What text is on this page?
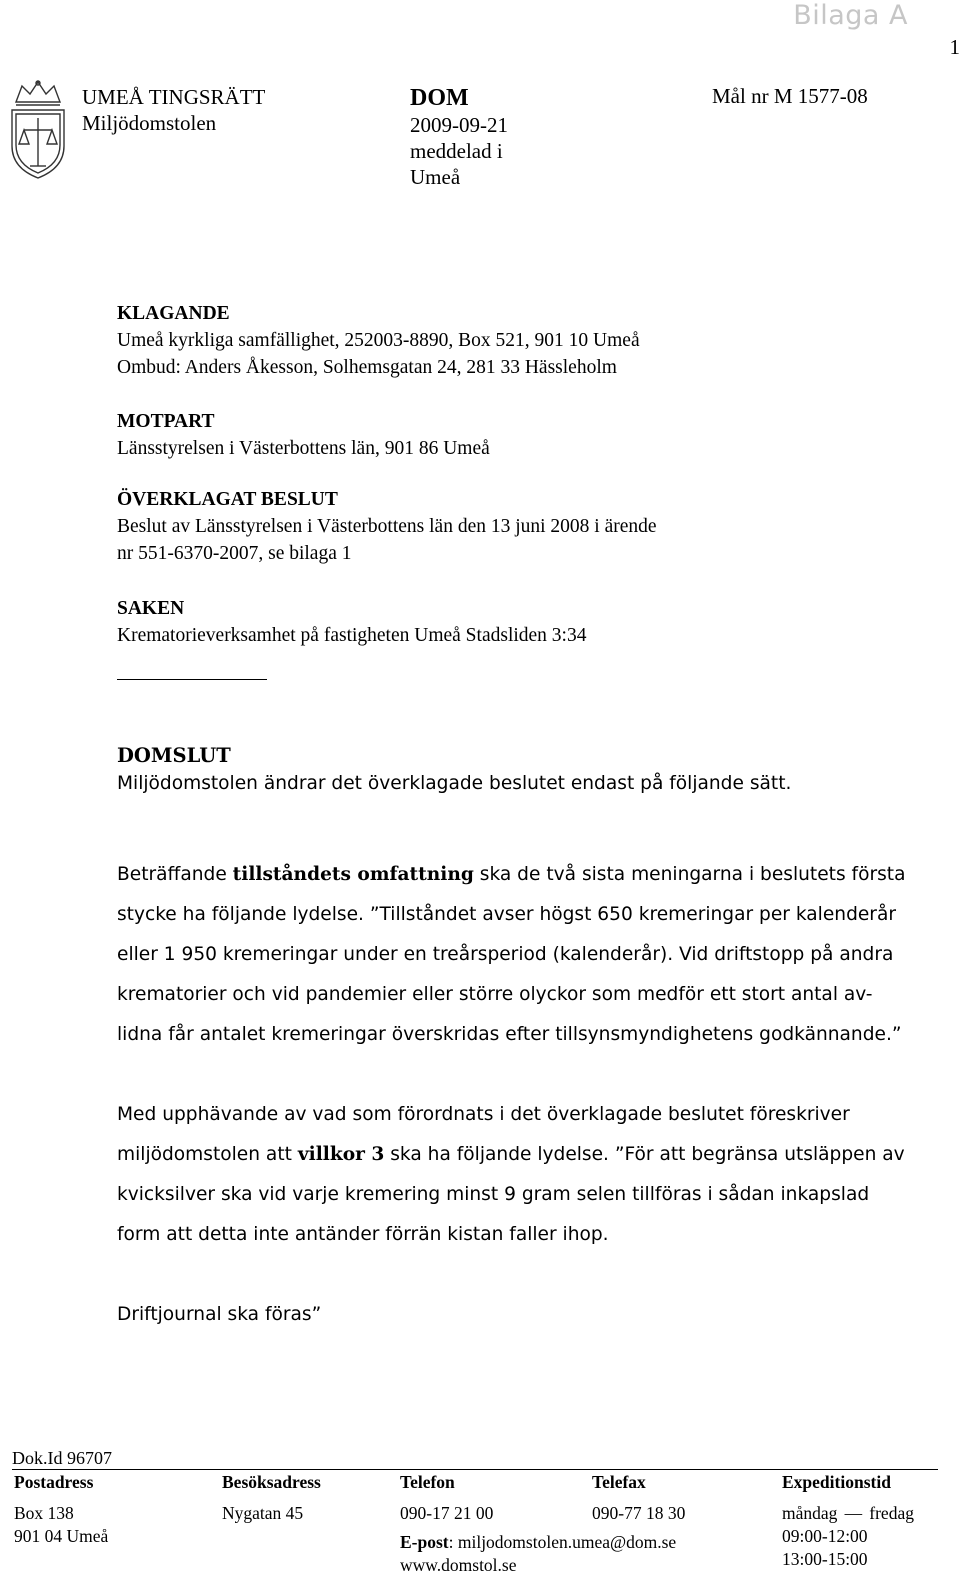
Bilaga A
1
UMEÅ TINGSRÄTT
Miljödomstolen
DOM
2009-09-21
meddelad i
Umeå
Mål nr M 1577-08
KLAGANDE
Umeå kyrkliga samfällighet, 252003-8890, Box 521, 901 10 Umeå
Ombud: Anders Åkesson, Solhemsgatan 24, 281 33 Hässleholm
MOTPART
Länsstyrelsen i Västerbottens län, 901 86 Umeå
ÖVERKLAGAT BESLUT
Beslut av Länsstyrelsen i Västerbottens län den 13 juni 2008 i ärende
nr 551-6370-2007, se bilaga 1
SAKEN
Krematorieverksamhet på fastigheten Umeå Stadsliden 3:34
DOMSLUT
Miljödomstolen ändrar det överklagade beslutet endast på följande sätt.
Beträffande tillståndets omfattning ska de två sista meningarna i beslutets första
stycke ha följande lydelse. ”Tillståndet avser högst 650 kremeringar per kalenderår
eller 1 950 kremeringar under en treårsperiod (kalenderår). Vid driftstopp på andra
krematorier och vid pandemier eller större olyckor som medför ett stort antal av-
lidna får antalet kremeringar överskridas efter tillsynsmyndighetens godkännande.”
Med upphävande av vad som förordnats i det överklagade beslutet föreskriver
miljödomstolen att villkor 3 ska ha följande lydelse. ”För att begränsa utsläppen av
kvicksilver ska vid varje kremering minst 9 gram selen tillföras i sådan inkapslad
form att detta inte antänder förrän kistan faller ihop.
Driftjournal ska föras”
Dok.Id 96707
Postadress
Box 138
901 04 Umeå
Besöksadress
Nygatan 45
Telefon
090-17 21 00
E-post: miljodomstolen.umea@dom.se
www.domstol.se
Telefax
090-77 18 30
Expeditionstid
måndag — fredag
09:00-12:00
13:00-15:00
